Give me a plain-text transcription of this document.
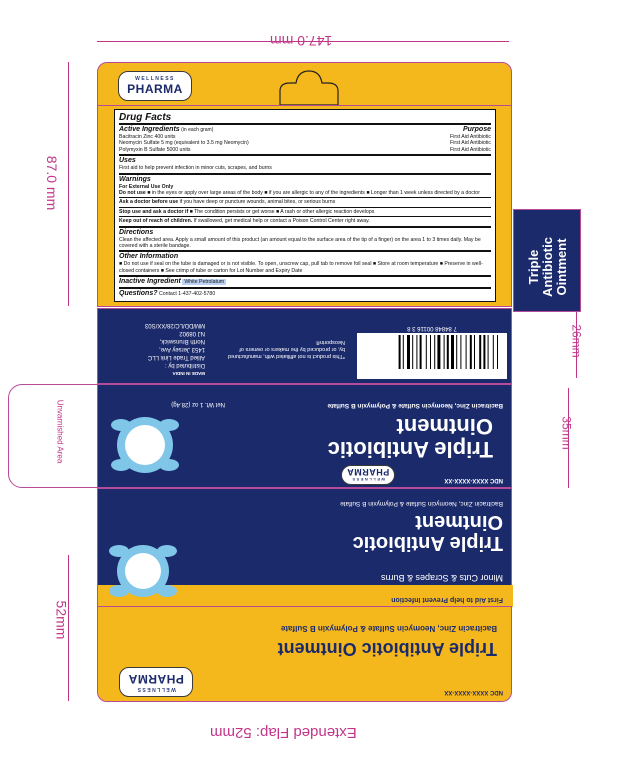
147.0 mm
87.0 mm
52mm
26mm
35mm
Extended Flap: 52mm
WELLNESS
PHARMA
Drug Facts
Active Ingredients (in each gram)	Purpose
Bacitracin Zinc 400 units	First Aid Antibiotic
Neomycin Sulfate 5 mg (equivalent to 3.5 mg Neomycin)	First Aid Antibiotic
Polymyxin B Sulfate 5000 units	First Aid Antibiotic
Uses
First aid to help prevent infection in minor cuts, scrapes, and burns
Warnings
For External Use Only
Do not use ■ in the eyes or apply over large areas of the body ■ if you are allergic to any of the ingredients ■ Longer than 1 week unless directed by a doctor
Ask a doctor before use if you have deep or puncture wounds, animal bites, or serious burns
Stop use and ask a doctor if ■ The condition persists or get worse ■ A rash or other allergic reaction develops
Keep out of reach of children. If swallowed, get medical help or contact a Poison Control Center right away.
Directions
Clean the affected area. Apply a small amount of this product (an amount equal to the surface area of the tip of a finger) on the area 1 to 3 times daily. May be covered with a sterile bandage.
Other Information
■ Do not use if seal on the tube is damaged or is not visible. To open, unscrew cap, pull tab to remove foil seal ■ Store at room temperature ■ Preserve in well-closed containers ■ See crimp of tube or carton for Lot Number and Expiry Date
Inactive Ingredient White Petrolatum
Questions? Contact 1-437-402-5780
Triple Antibiotic Ointment
7 84848 00116 3 8
*This product is not affiliated with, manufactured by, or produced by the makers or owners of Neosporin®
MADE IN INDIA
Distributed by :
Allied Trade Link LLC
1453 Jersey Ave,
North Brunswick,
NJ 08902
MM/DD/LC/28/XX/S03
Unvarnished Area
NDC XXXX-XXXX-XX
WELLNESS
PHARMA
Triple Antibiotic
Ointment
Bacitracin Zinc, Neomycin Sulfate & Polymyxin B Sulfate
Net Wt. 1 oz (28.4g)
First Aid to help Prevent Infection
Minor Cuts & Scrapes & Burns
Triple Antibiotic
Ointment
Bacitracin Zinc, Neomycin Sulfate & Polymyxin B Sulfate
NDC XXXX-XXXX-XX
WELLNESS
PHARMA
Triple Antibiotic Ointment
Bacitracin Zinc, Neomycin Sulfate & Polymyxin B Sulfate
